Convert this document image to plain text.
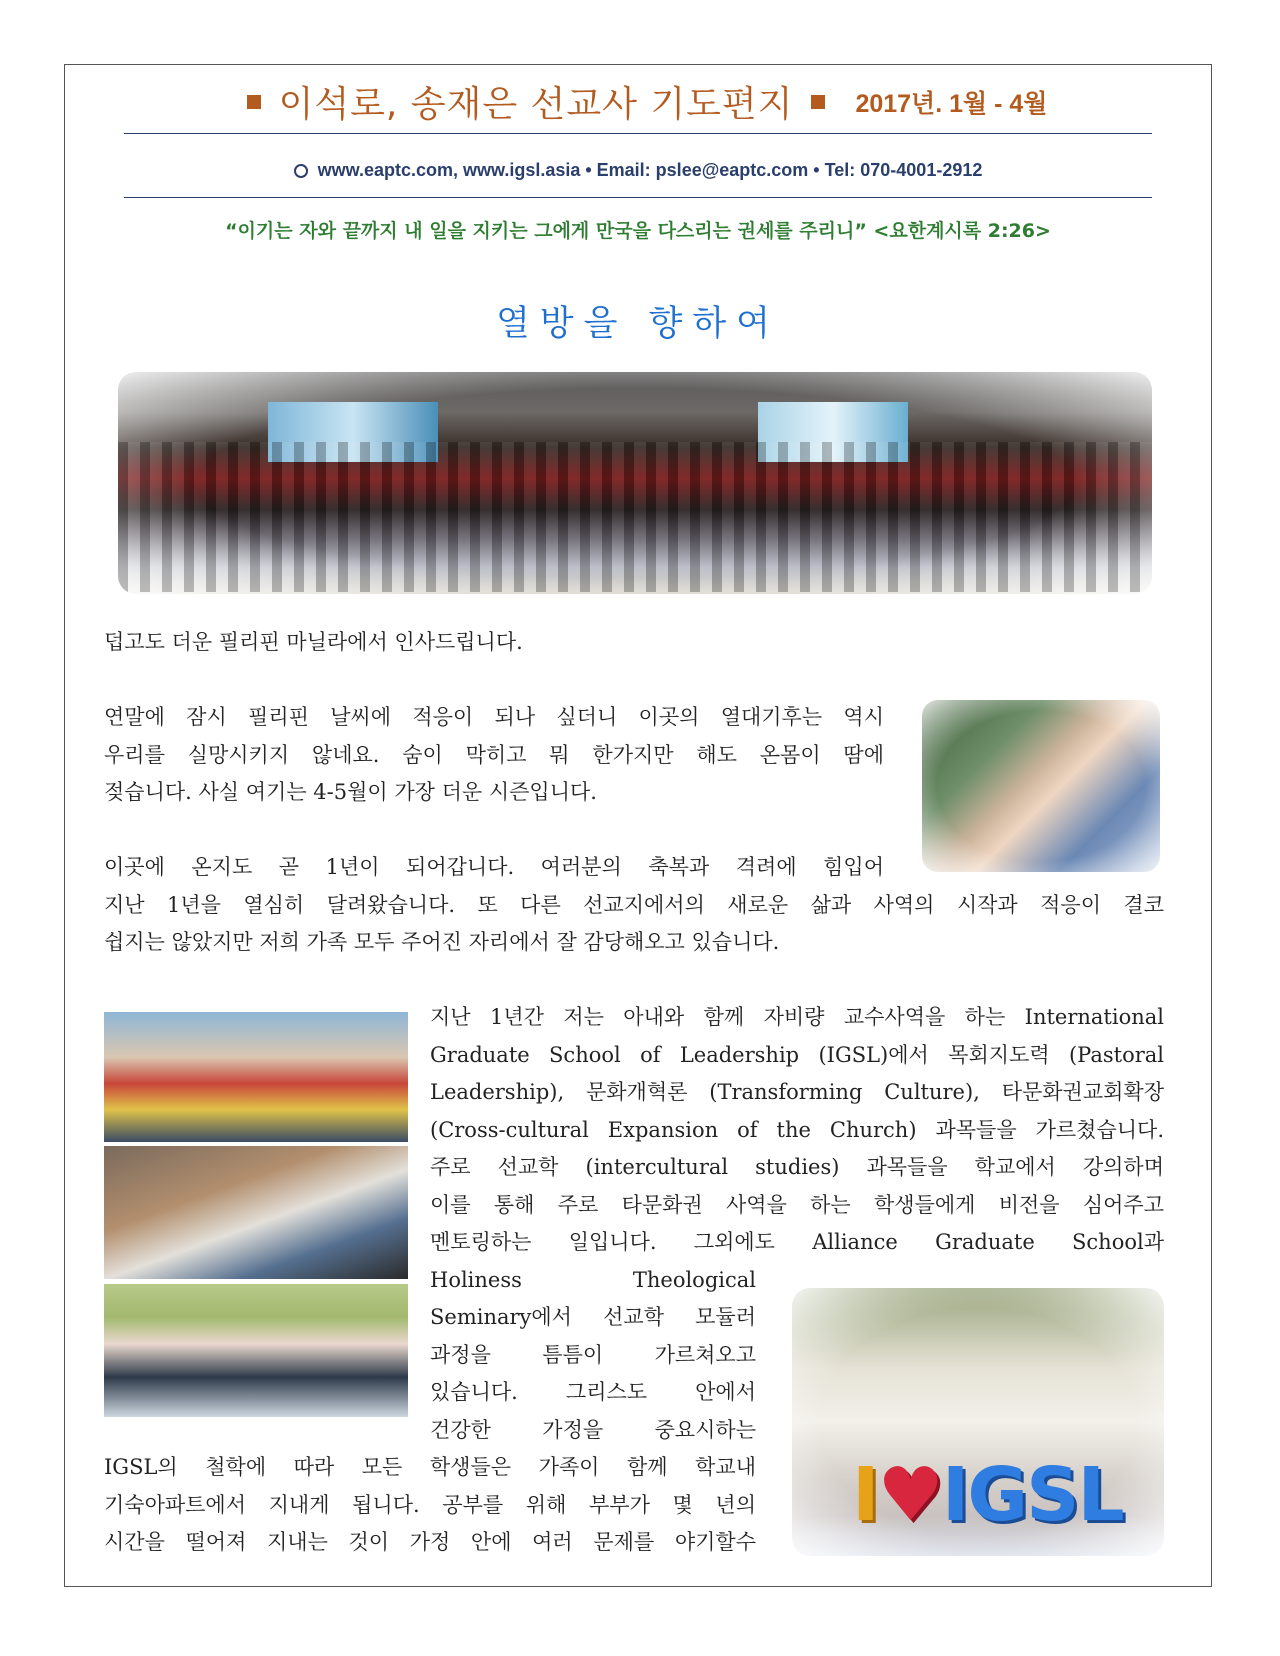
이석로, 송재은 선교사 기도편지 2017년. 1월 - 4월
www.eaptc.com, www.igsl.asia • Email: pslee@eaptc.com • Tel: 070-4001-2912
“이기는 자와 끝까지 내 일을 지키는 그에게 만국을 다스리는 권세를 주리니” <요한계시록 2:26>
열방을 향하여

덥고도 더운 필리핀 마닐라에서 인사드립니다.

연말에 잠시 필리핀 날씨에 적응이 되나 싶더니 이곳의 열대기후는 역시
우리를 실망시키지 않네요. 숨이 막히고 뭐 한가지만 해도 온몸이 땀에
젖습니다. 사실 여기는 4-5월이 가장 더운 시즌입니다.
이곳에 온지도 곧 1년이 되어갑니다. 여러분의 축복과 격려에 힘입어
지난 1년을 열심히 달려왔습니다. 또 다른 선교지에서의 새로운 삶과 사역의 시작과 적응이 결코
쉽지는 않았지만 저희 가족 모두 주어진 자리에서 잘 감당해오고 있습니다.
지난 1년간 저는 아내와 함께 자비량 교수사역을 하는 International
Graduate School of Leadership (IGSL)에서 목회지도력 (Pastoral
Leadership), 문화개혁론 (Transforming Culture), 타문화권교회확장
(Cross-cultural Expansion of the Church) 과목들을 가르쳤습니다.
주로 선교학 (intercultural studies) 과목들을 학교에서 강의하며
이를 통해 주로 타문화권 사역을 하는 학생들에게 비전을 심어주고
멘토링하는 일입니다. 그외에도 Alliance Graduate School과
Holiness Theological
Seminary에서 선교학 모듈러
과정을 틈틈이 가르쳐오고
있습니다. 그리스도 안에서
건강한 가정을 중요시하는
IGSL의 철학에 따라 모든 학생들은 가족이 함께 학교내
기숙아파트에서 지내게 됩니다. 공부를 위해 부부가 몇 년의
시간을 떨어져 지내는 것이 가정 안에 여러 문제를 야기할수
I♥IGSL
